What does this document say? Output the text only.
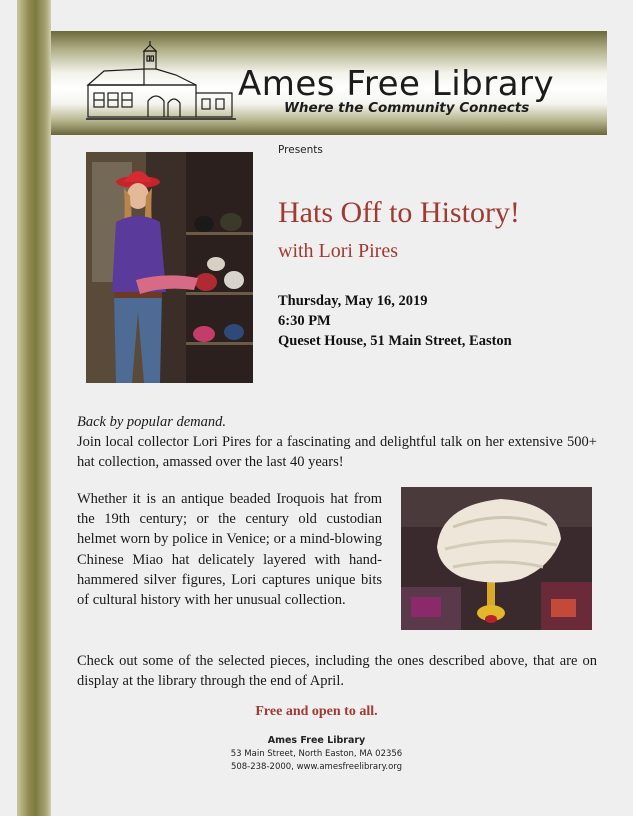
Ames Free Library
Where the Community Connects
Presents
Hats Off to History!
with Lori Pires
Thursday, May 16, 2019
6:30 PM
Queset House, 51 Main Street, Easton
Back by popular demand.

Join local collector Lori Pires for a fascinating and delightful talk on her extensive 500+ hat collection, amassed over the last 40 years!

Whether it is an antique beaded Iroquois hat from the 19th century; or the century old custodian helmet worn by police in Venice; or a mind-blowing Chinese Miao hat delicately layered with hand-hammered silver figures, Lori captures unique bits of cultural history with her unusual collection.

Check out some of the selected pieces, including the ones described above, that are on display at the library through the end of April.

Free and open to all.
Ames Free Library
53 Main Street, North Easton, MA 02356
508-238-2000, www.amesfreelibrary.org
